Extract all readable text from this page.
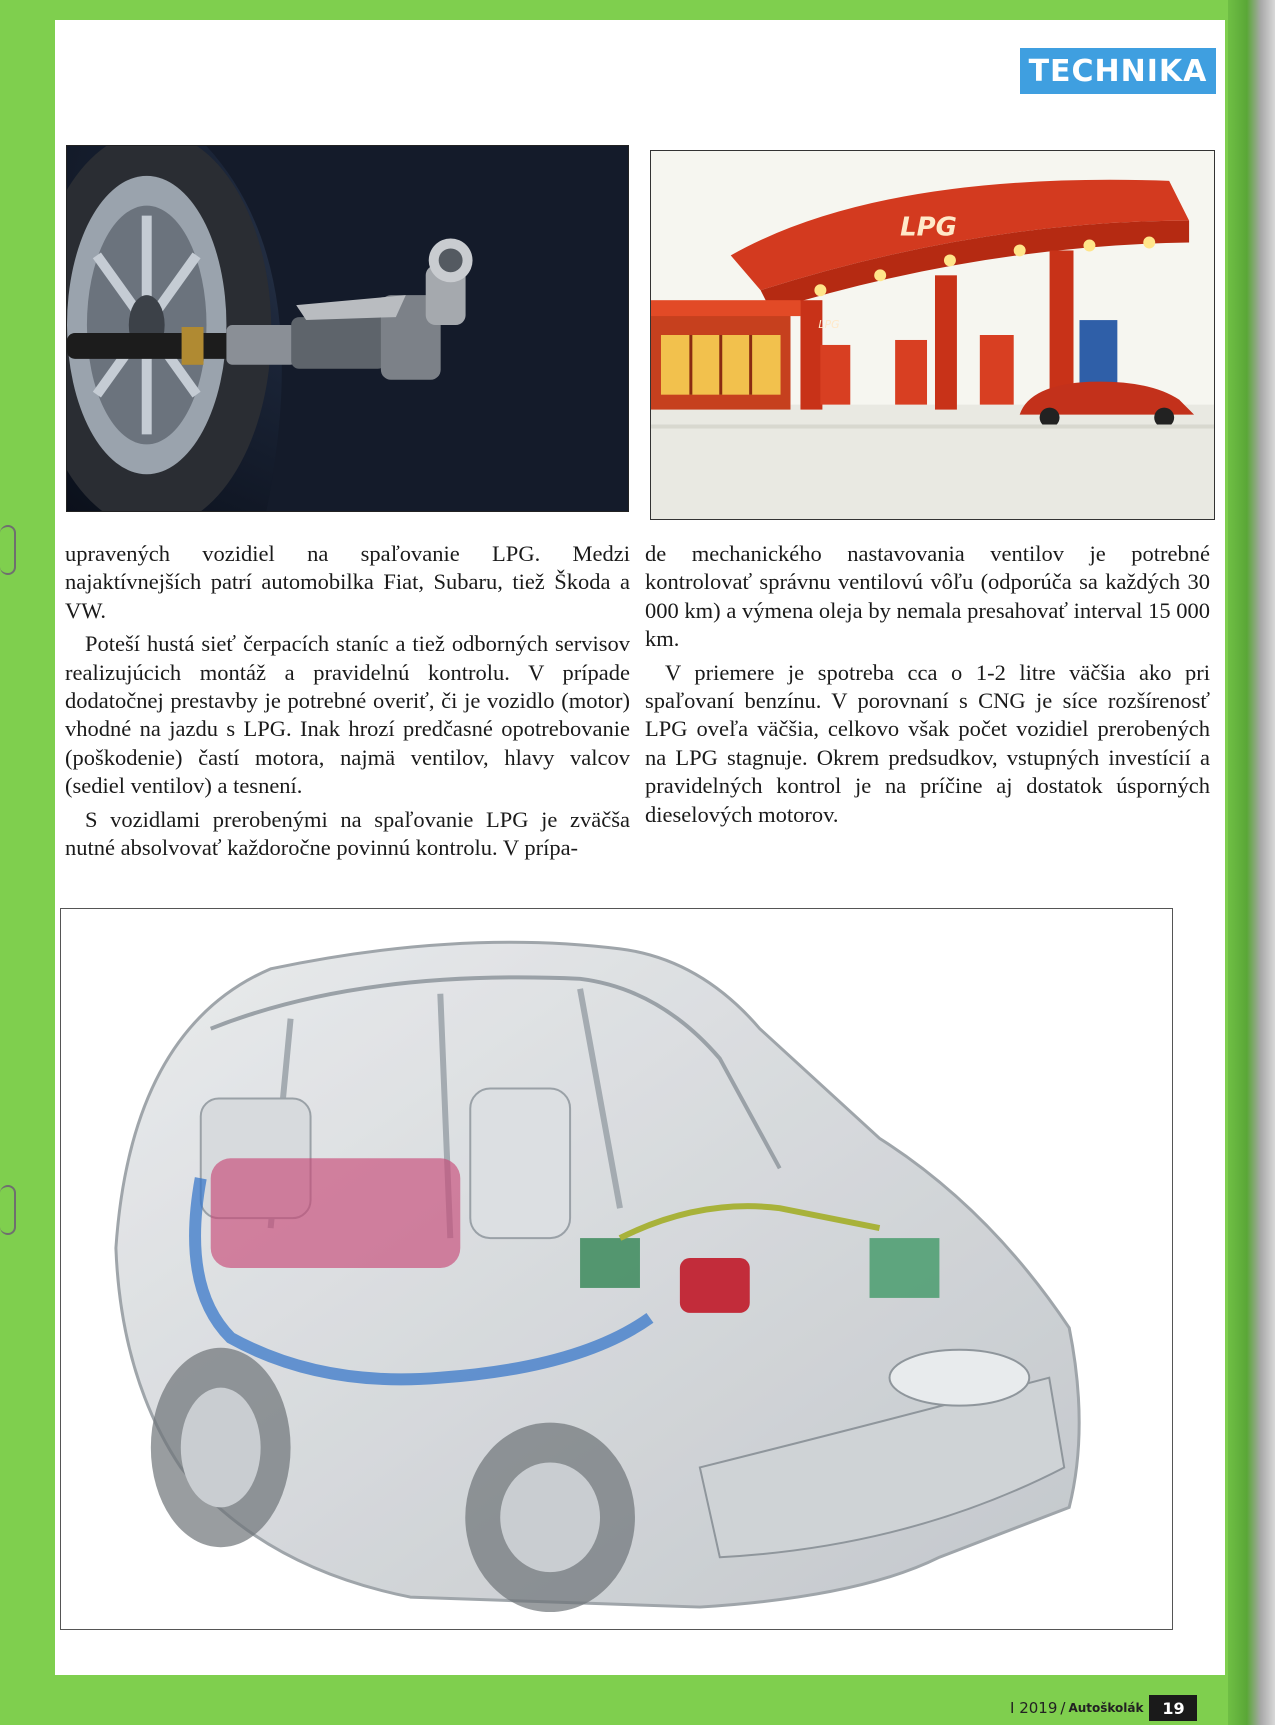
TECHNIKA
LPG
LPG

upravených vozidiel na spaľovanie LPG. Medzi najaktívnejších patrí automobilka Fiat, Subaru, tiež Škoda a VW.

Poteší hustá sieť čerpacích staníc a tiež odborných servisov realizujúcich montáž a pravidelnú kontrolu. V prípade dodatočnej prestavby je potrebné overiť, či je vozidlo (motor) vhodné na jazdu s LPG. Inak hrozí predčasné opotrebovanie (poškodenie) častí motora, najmä ventilov, hlavy valcov (sediel ventilov) a tesnení.

S vozidlami prerobenými na spaľovanie LPG je zväčša nutné absolvovať každoročne povinnú kontrolu. V prípa-

de mechanického nastavovania ventilov je potrebné kontrolovať správnu ventilovú vôľu (odporúča sa každých 30 000 km) a výmena oleja by nemala presahovať interval 15 000 km.

V priemere je spotreba cca o 1-2 litre väčšia ako pri spaľovaní benzínu. V porovnaní s CNG je síce rozšírenosť LPG oveľa väčšia, celkovo však počet vozidiel prerobených na LPG stagnuje. Okrem predsudkov, vstupných investícií a pravidelných kontrol je na príčine aj dostatok úsporných dieselových motorov.

I 2019 / Autoškolák	19
